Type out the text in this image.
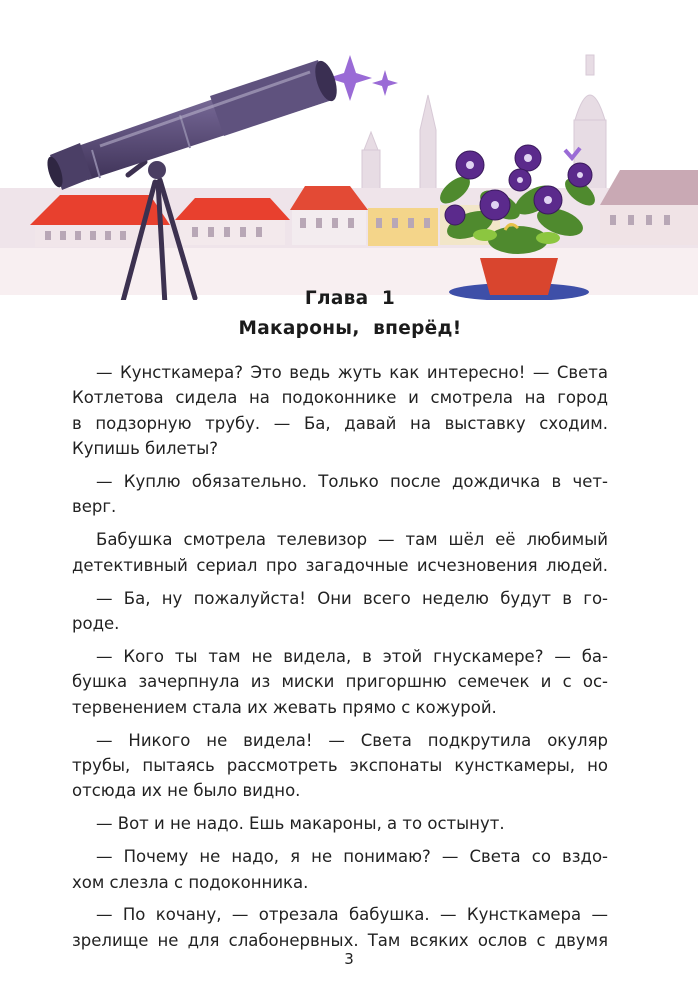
Глава  1
Макароны,  вперёд!
— Кунсткамера? Это ведь жуть как интересно! — Света
Котлетова сидела на подоконнике и смотрела на город
в подзорную трубу. — Ба, давай на выставку сходим.
Купишь билеты?
— Куплю обязательно. Только после дождичка в чет-
верг.
Бабушка смотрела телевизор — там шёл её любимый
детективный сериал про загадочные исчезновения людей.
— Ба, ну пожалуйста! Они всего неделю будут в го-
роде.
— Кого ты там не видела, в этой гнускамере? — ба-
бушка зачерпнула из миски пригоршню семечек и с ос-
тервенением стала их жевать прямо с кожурой.
— Никого не видела! — Света подкрутила окуляр
трубы, пытаясь рассмотреть экспонаты кунсткамеры, но
отсюда их не было видно.
— Вот и не надо. Ешь макароны, а то остынут.
— Почему не надо, я не понимаю? — Света со вздо-
хом слезла с подоконника.
— По кочану, — отрезала бабушка. — Кунсткамера —
зрелище не для слабонервных. Там всяких ослов с двумя
3
